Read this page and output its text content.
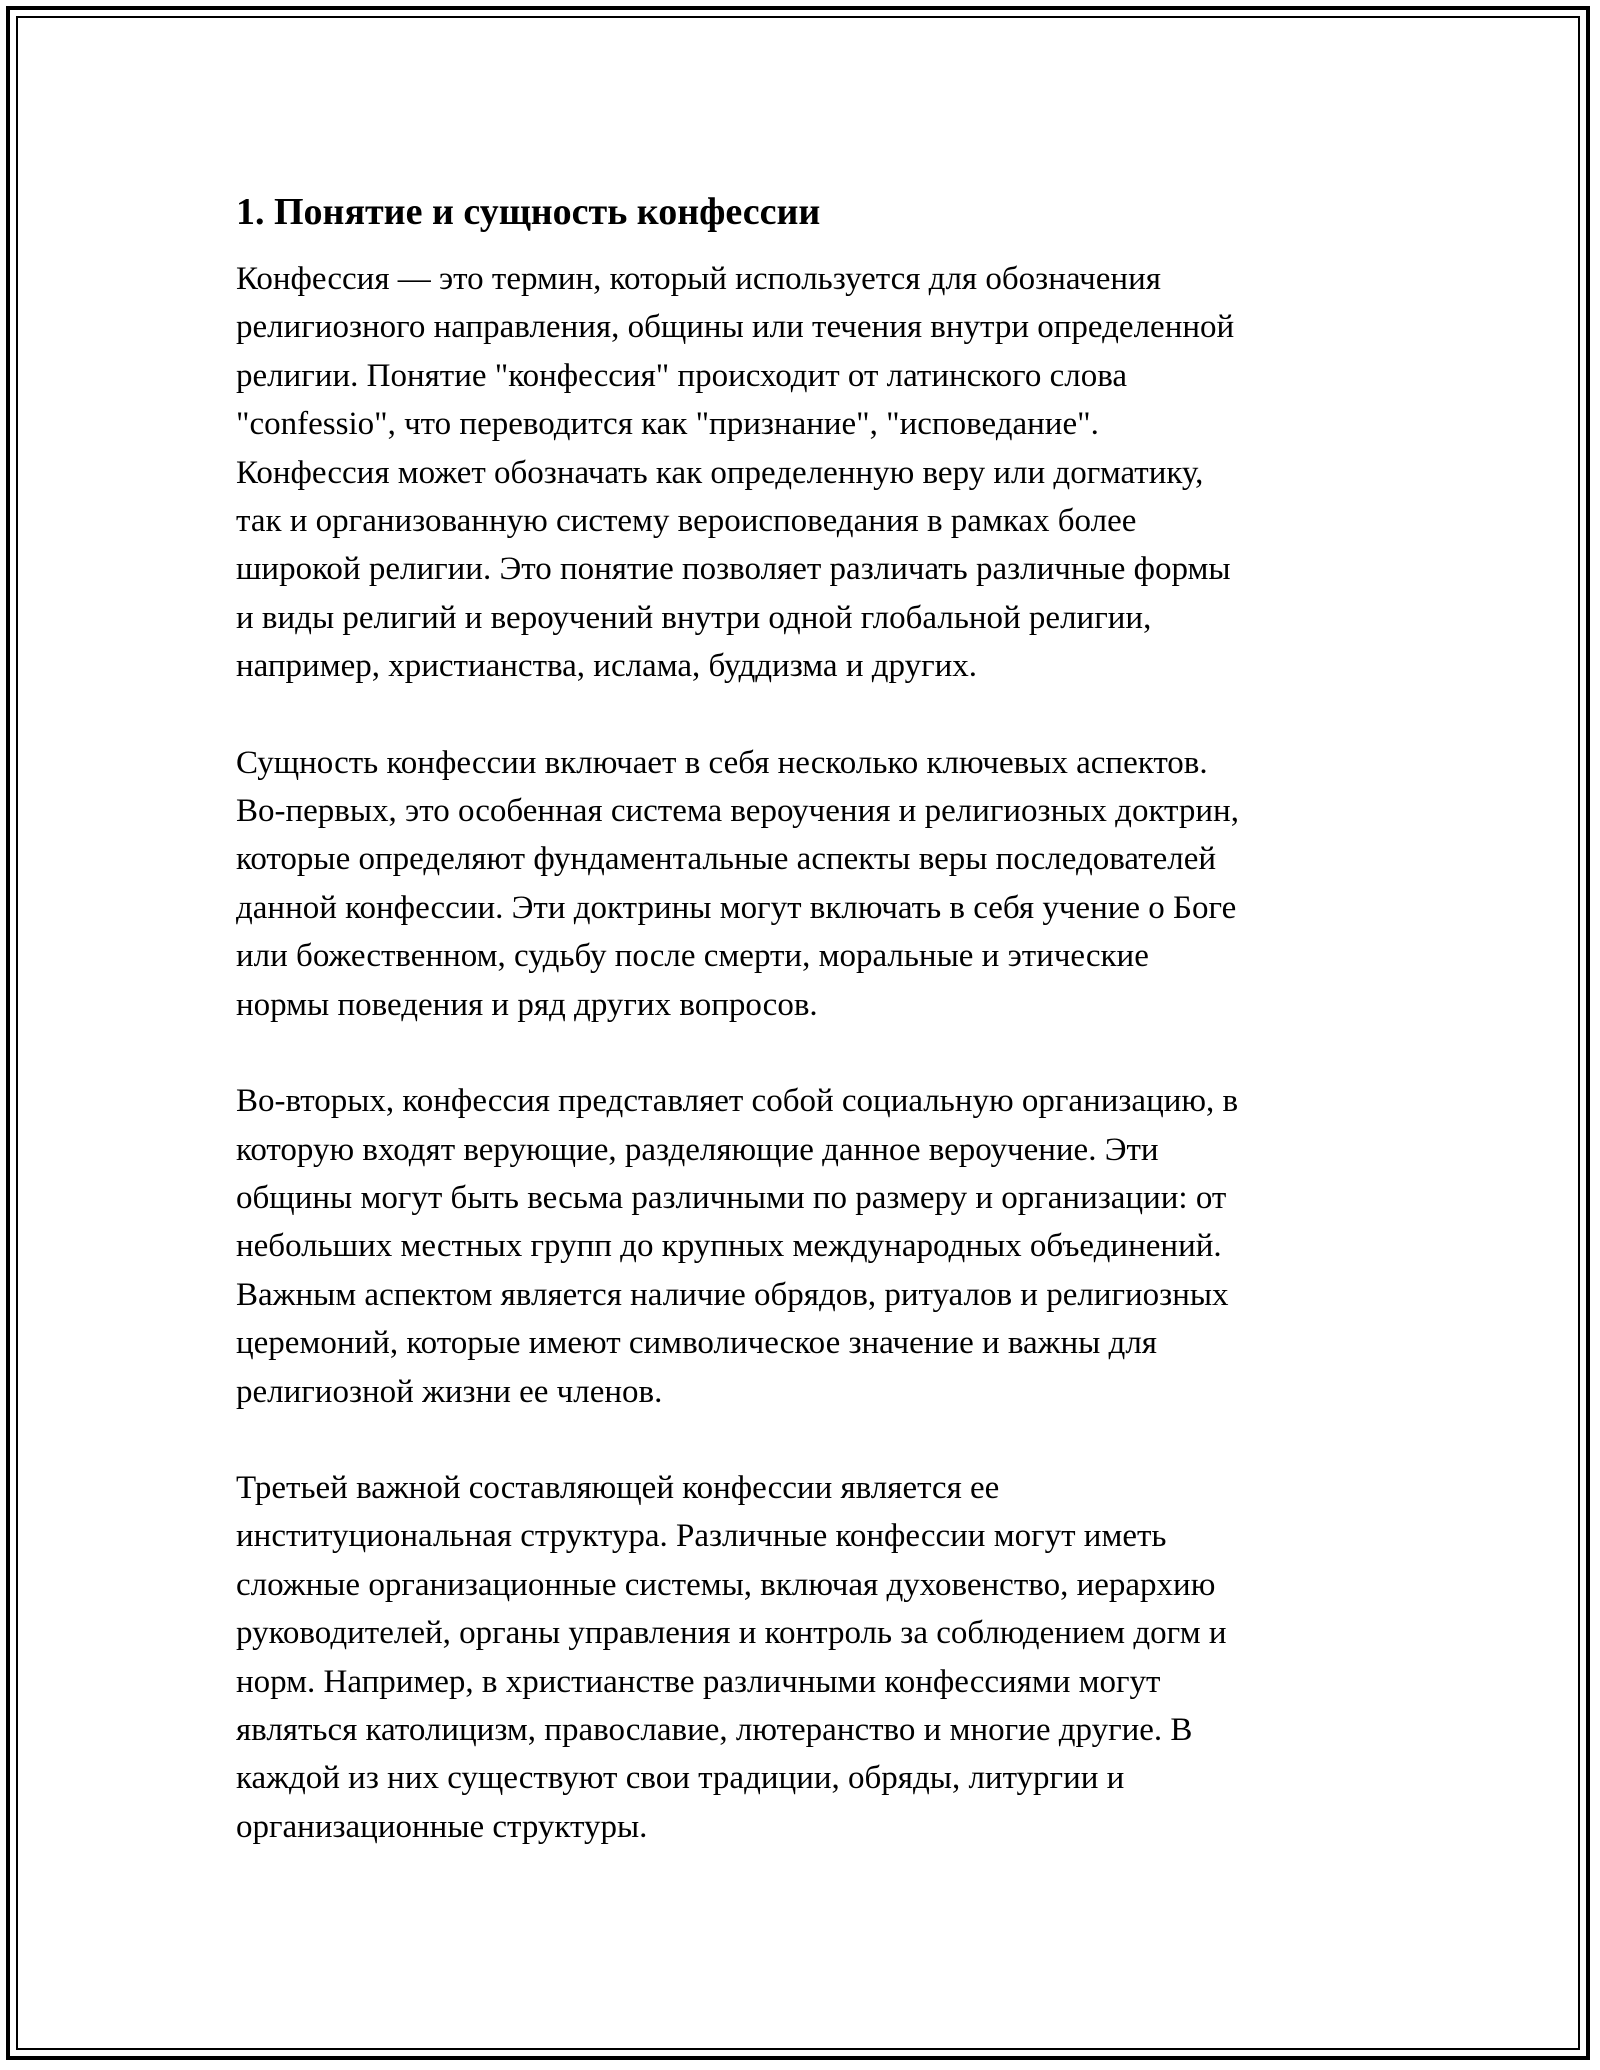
1. Понятие и сущность конфессии

Конфессия — это термин, который используется для обозначения
религиозного направления, общины или течения внутри определенной
религии. Понятие "конфессия" происходит от латинского слова
"confessio", что переводится как "признание", "исповедание".
Конфессия может обозначать как определенную веру или догматику,
так и организованную систему вероисповедания в рамках более
широкой религии. Это понятие позволяет различать различные формы
и виды религий и вероучений внутри одной глобальной религии,
например, христианства, ислама, буддизма и других.

Сущность конфессии включает в себя несколько ключевых аспектов.
Во-первых, это особенная система вероучения и религиозных доктрин,
которые определяют фундаментальные аспекты веры последователей
данной конфессии. Эти доктрины могут включать в себя учение о Боге
или божественном, судьбу после смерти, моральные и этические
нормы поведения и ряд других вопросов.

Во-вторых, конфессия представляет собой социальную организацию, в
которую входят верующие, разделяющие данное вероучение. Эти
общины могут быть весьма различными по размеру и организации: от
небольших местных групп до крупных международных объединений.
Важным аспектом является наличие обрядов, ритуалов и религиозных
церемоний, которые имеют символическое значение и важны для
религиозной жизни ее членов.

Третьей важной составляющей конфессии является ее
институциональная структура. Различные конфессии могут иметь
сложные организационные системы, включая духовенство, иерархию
руководителей, органы управления и контроль за соблюдением догм и
норм. Например, в христианстве различными конфессиями могут
являться католицизм, православие, лютеранство и многие другие. В
каждой из них существуют свои традиции, обряды, литургии и
организационные структуры.
